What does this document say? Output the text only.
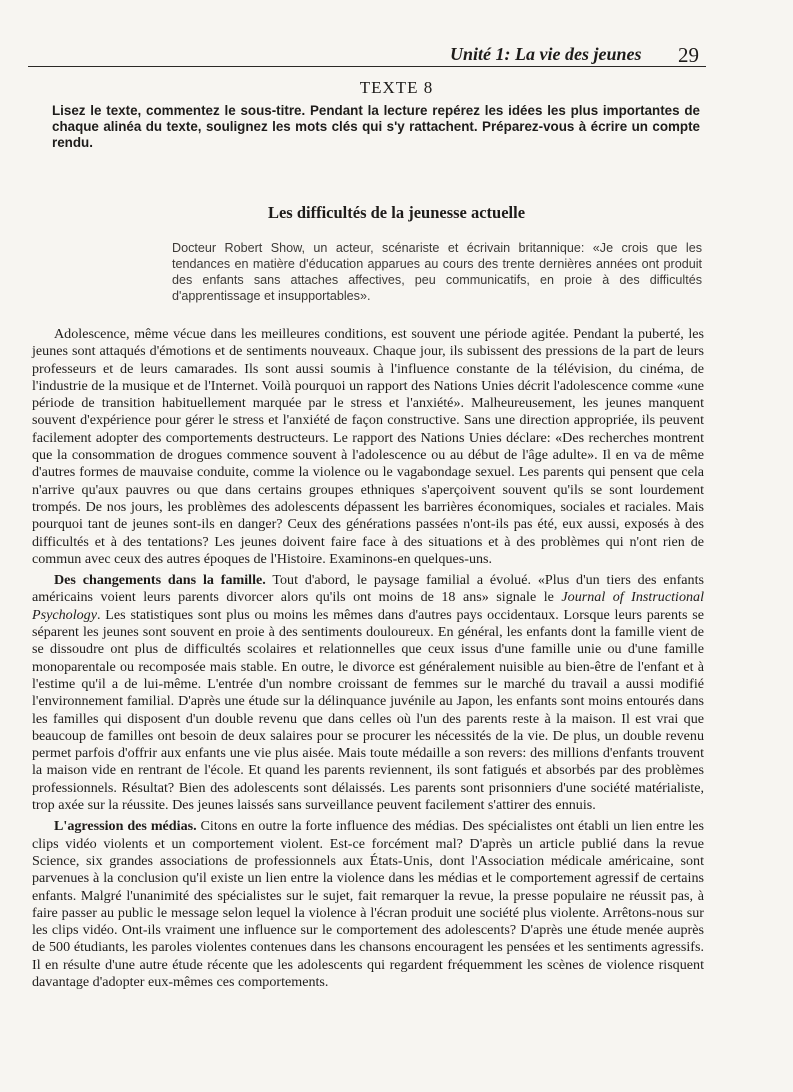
Unité 1: La vie des jeunes 29
TEXTE 8
Lisez le texte, commentez le sous-titre. Pendant la lecture repérez les idées les plus importantes de chaque alinéa du texte, soulignez les mots clés qui s'y rattachent. Préparez-vous à écrire un compte rendu.
Les difficultés de la jeunesse actuelle
Docteur Robert Show, un acteur, scénariste et écrivain britannique: «Je crois que les tendances en matière d'éducation apparues au cours des trente dernières années ont produit des enfants sans attaches affectives, peu communicatifs, en proie à des difficultés d'apprentissage et insupportables».

Adolescence, même vécue dans les meilleures conditions, est souvent une période agitée. Pendant la puberté, les jeunes sont attaqués d'émotions et de sentiments nouveaux. Chaque jour, ils subissent des pressions de la part de leurs professeurs et de leurs camarades. Ils sont aussi soumis à l'influence constante de la télévision, du cinéma, de l'industrie de la musique et de l'Internet. Voilà pourquoi un rapport des Nations Unies décrit l'adolescence comme «une période de transition habituellement marquée par le stress et l'anxiété». Malheureusement, les jeunes manquent souvent d'expérience pour gérer le stress et l'anxiété de façon constructive. Sans une direction appropriée, ils peuvent facilement adopter des comportements destructeurs. Le rapport des Nations Unies déclare: «Des recherches montrent que la consommation de drogues commence souvent à l'adolescence ou au début de l'âge adulte». Il en va de même d'autres formes de mauvaise conduite, comme la violence ou le vagabondage sexuel. Les parents qui pensent que cela n'arrive qu'aux pauvres ou que dans certains groupes ethniques s'aperçoivent souvent qu'ils se sont lourdement trompés. De nos jours, les problèmes des adolescents dépassent les barrières économiques, sociales et raciales. Mais pourquoi tant de jeunes sont-ils en danger? Ceux des générations passées n'ont-ils pas été, eux aussi, exposés à des difficultés et à des tentations? Les jeunes doivent faire face à des situations et à des problèmes qui n'ont rien de commun avec ceux des autres époques de l'Histoire. Examinons-en quelques-uns.

Des changements dans la famille. Tout d'abord, le paysage familial a évolué. «Plus d'un tiers des enfants américains voient leurs parents divorcer alors qu'ils ont moins de 18 ans» signale le Journal of Instructional Psychology. Les statistiques sont plus ou moins les mêmes dans d'autres pays occidentaux. Lorsque leurs parents se séparent les jeunes sont souvent en proie à des sentiments douloureux. En général, les enfants dont la famille vient de se dissoudre ont plus de difficultés scolaires et relationnelles que ceux issus d'une famille unie ou d'une famille monoparentale ou recomposée mais stable. En outre, le divorce est généralement nuisible au bien-être de l'enfant et à l'estime qu'il a de lui-même. L'entrée d'un nombre croissant de femmes sur le marché du travail a aussi modifié l'environnement familial. D'après une étude sur la délinquance juvénile au Japon, les enfants sont moins entourés dans les familles qui disposent d'un double revenu que dans celles où l'un des parents reste à la maison. Il est vrai que beaucoup de familles ont besoin de deux salaires pour se procurer les nécessités de la vie. De plus, un double revenu permet parfois d'offrir aux enfants une vie plus aisée. Mais toute médaille a son revers: des millions d'enfants trouvent la maison vide en rentrant de l'école. Et quand les parents reviennent, ils sont fatigués et absorbés par des problèmes professionnels. Résultat? Bien des adolescents sont délaissés. Les parents sont prisonniers d'une société matérialiste, trop axée sur la réussite. Des jeunes laissés sans surveillance peuvent facilement s'attirer des ennuis.

L'agression des médias. Citons en outre la forte influence des médias. Des spécialistes ont établi un lien entre les clips vidéo violents et un comportement violent. Est-ce forcément mal? D'après un article publié dans la revue Science, six grandes associations de professionnels aux États-Unis, dont l'Association médicale américaine, sont parvenues à la conclusion qu'il existe un lien entre la violence dans les médias et le comportement agressif de certains enfants. Malgré l'unanimité des spécialistes sur le sujet, fait remarquer la revue, la presse populaire ne réussit pas, à faire passer au public le message selon lequel la violence à l'écran produit une société plus violente. Arrêtons-nous sur les clips vidéo. Ont-ils vraiment une influence sur le comportement des adolescents? D'après une étude menée auprès de 500 étudiants, les paroles violentes contenues dans les chansons encouragent les pensées et les sentiments agressifs. Il en résulte d'une autre étude récente que les adolescents qui regardent fréquemment les scènes de violence risquent davantage d'adopter eux-mêmes ces comportements.
